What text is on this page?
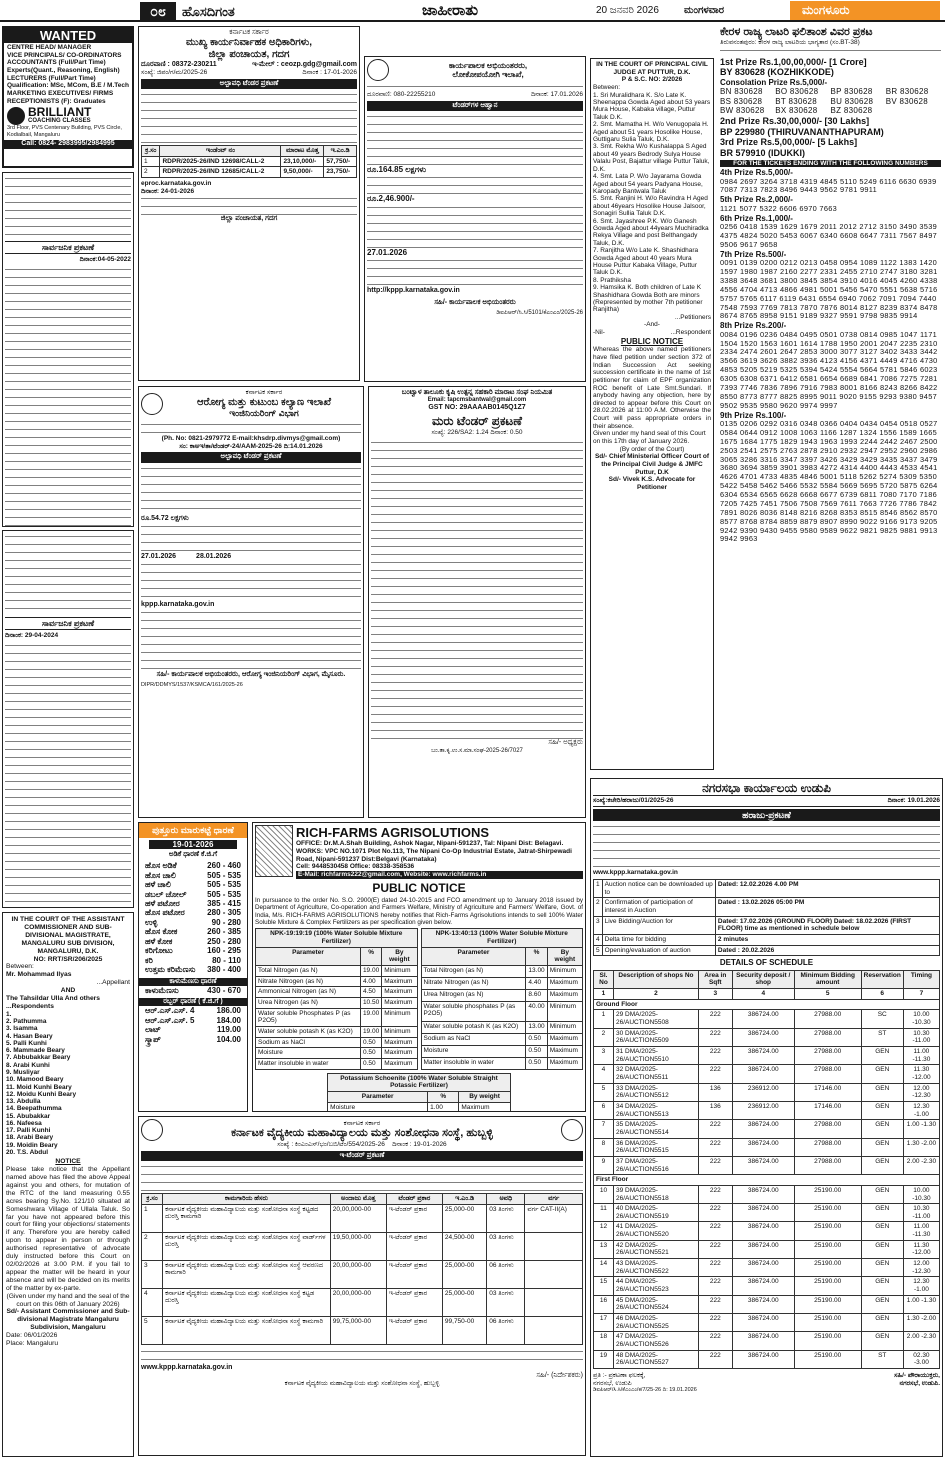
೦೮	ಹೊಸದಿಗಂತ	ಜಾಹೀರಾತು	20 ಜನವರಿ 2026	ಮಂಗಳವಾರ	ಮಂಗಳೂರು
WANTED
CENTRE HEAD/ MANAGER
VICE PRINCIPALS/ CO-ORDINATORS
ACCOUNTANTS (Full/Part Time) Experts(Quant., Reasoning, English)
LECTURERS (Full/Part Time) Qualification: MSc, MCom, B.E / M.Tech
MARKETING EXECUTIVES/ FIRMS
RECEPTIONISTS (F): Graduates
BRILLIANT
COACHING CLASSES
3rd Floor, PVS Centenary Building, PVS Circle, Kodialbail, Mangaluru
Call: 0824- 2983995/2984995
ಸಾರ್ವಜನಿಕ ಪ್ರಕಟಣೆ
ದಿನಾಂಕ:04-05-2022
ಸಾರ್ವಜನಿಕ ಪ್ರಕಟಣೆ
ದಿನಾಂಕ: 29-04-2024
IN THE COURT OF THE ASSISTANT COMMISSIONER AND SUB-DIVISIONAL MAGISTRATE, MANGALURU SUB DIVISION, MANGALURU, D.K.
NO: RRT/SR/206/2025
Between:
Mr. Mohammad Ilyas
...Appellant
AND
The Tahsildar Ulla And others ...Respondents
1.
2. Pathumma
3. Isamma
4. Hasan Beary
5. Palli Kunhi
6. Mammade Beary
7. Abbubakkar Beary
8. Arabi Kunhi
9. Musliyar
10. Mamood Beary
11. Moid Kunhi Beary
12. Moidu Kunhi Beary
13. Abdulla
14. Beepathumma
15. Abubakkar
16. Nafeesa
17. Palli Kunhi
18. Arabi Beary
19. Moidin Beary
20. T.S. Abdul
NOTICE
Please take notice that the Appellant named above has filed the above Appeal against you and others, for mutation of the RTC of the land measuring 0.55 acres bearing Sy.No. 121/10 situated at Someshwara Village of Ullala Taluk. So far you have not appeared before this court for filing your objections/ statements if any. Therefore you are hereby called upon to appear in person or through authorised representative of advocate duly instructed before this Court on 02/02/2026 at 3.00 P.M. if you fail to appear the matter will be heard in your absence and will be decided on its merits of the matter by ex-parte.
(Given under my hand and the seal of the court on this 06th of January 2026)
Sd/- Assistant Commissioner and Sub-divisional Magistrate Mangaluru Subdivision, Mangaluru
Date: 06/01/2026
Place: Mangaluru
ಕರ್ನಾಟಕ ಸರ್ಕಾರ
ಮುಖ್ಯ ಕಾರ್ಯನಿರ್ವಾಹಕ ಅಧಿಕಾರಿಗಳು,
ಜಿಲ್ಲಾ ಪಂಚಾಯತ, ಗದಗ
ದೂರವಾಣಿ : 08372-230211	ಇ-ಮೇಲ್ : ceozp.gdg@gmail.com
ಸಂಖ್ಯೆ: ಜಿಪಂ/ಗ/ಮ/2025-26	ದಿನಾಂಕ : 17-01-2026
ಅಲ್ಪಾವಧಿ ಟೆಂಡರ ಪ್ರಕಟಣೆ
ಕ್ರ.ಸಂ	ಇಂಡೆಂಟ್ ನಂ	ಮಾರಾಟ ಮೊತ್ತ	ಇ.ಎಂ.ಡಿ
1	RDPR/2025-26/IND 12698/CALL-2	23,10,000/-	57,750/-
2	RDPR/2025-26/IND 12685/CALL-2	9,50,000/-	23,750/-
eproc.karnataka.gov.in
ದಿನಾಂಕ: 24-01-2026
ಜಿಲ್ಲಾ ಪಂಚಾಯತ, ಗದಗ
ಕಾರ್ಯಪಾಲಕ ಅಭಿಯಂತರರು,
ಲೋಕೋಪಯೋಗಿ ಇಲಾಖೆ,
ದೂರವಾಣಿ: 080-22255210	ದಿನಾಂಕ: 17.01.2026
ಟೆಂಡರ್‌ಗಳ ಆಹ್ವಾನ
ರೂ.164.85 ಲಕ್ಷಗಳು
ರೂ.2,46.900/-
27.01.2026
http://kppp.karnataka.gov.in
ಸಹಿ/- ಕಾರ್ಯಪಾಲಕ ಅಭಿಯಂತರರು
ಡಿಐಪಿಆರ್/ಸಿ.ಸಿ/5101/ಕೆಎಂಎಂ/2025-26
ಕರ್ನಾಟಕ ಸರ್ಕಾರ
ಆರೋಗ್ಯ ಮತ್ತು ಕುಟುಂಬ ಕಲ್ಯಾಣ ಇಲಾಖೆ
ಇಂಜಿನಿಯರಿಂಗ್ ವಿಭಾಗ
(Ph. No: 0821-2979772 E-mail:khsdrp.divmys@gmail.com)
ಸಂ: ಕಾಅಇ/ತಾ/ಟೆಂಡರ್-24/AAM-2025-26 ದಿ:14.01.2026
ಅಲ್ಪಾವಧಿ ಟೆಂಡರ್ ಪ್ರಕಟಣೆ
ರೂ.54.72 ಲಕ್ಷಗಳು
27.01.2026	28.01.2026
kppp.karnataka.gov.in
ಸಹಿ/- ಕಾರ್ಯಪಾಲಕ ಅಭಿಯಂತರರು, ಆರೋಗ್ಯ ಇಂಜಿನಿಯರಿಂಗ್ ವಿಭಾಗ, ಮೈಸೂರು.
DIPR/DDMYS/1537/KSMCA/161/2025-26
ಬಂಟ್ವಾಳ ತಾಲೂಕು ಕೃಷಿ ಉತ್ಪನ್ನ ಸಹಕಾರಿ ಮಾರಾಟ ಸಂಘ ನಿಯಮಿತ
Email: tapcmsbantwal@gmail.com
GST NO: 29AAAAB0145Q1Z7
ಮರು ಟೆಂಡರ್ ಪ್ರಕಟಣೆ
ಸಂಖ್ಯೆ: 226/SA2: 1.24 ದಿನಾಂಕ: 0.50
ಸಹಿ/- ಅಧ್ಯಕ್ಷರು
ಬಂ.ತಾ.ಕೃ.ಉ.ಸ.ಮಾ.ಸಂಘ-2025-26/7027
ಪುತ್ತೂರು ಮಾರುಕಟ್ಟೆ ಧಾರಣೆ
19-01-2026
ಅಡಿಕೆ ಧಾರಣೆ ಕೆ.ಜಿ.ಗೆ
ಹೊಸ ಅಡಿಕೆ	260 - 460
ಹೊಸ ಚಾಲಿ	505 - 535
ಹಳೆ ಚಾಲಿ	505 - 535
ಡಬಲ್ ಚೋಲ್	505 - 535
ಹಳೆ ಪಟೋರ	385 - 415
ಹೊಸ ಪಟೋರ	280 - 305
ಉಳ್ಳಿ	90 - 280
ಹೊಸ ಕೋಕ	260 - 385
ಹಳೆ ಕೋಕ	250 - 280
ಕರಿಗೋಟು	160 - 295
ಕರಿ	80 - 110
ಉತ್ತಮ ಕರಿಮೆಣಸು 380 - 400
ಕಾಳುಮೆಣಸು ಧಾರಣೆ
ಕಾಳುಮೆಣಸು	430 - 670
ರಬ್ಬರ್ ಧಾರಣೆ ( ಕೆ.ಜಿ.ಗೆ )
ಆರ್.ಎಸ್.ಎಸ್. 4	186.00
ಆರ್.ಎಸ್.ಎಸ್. 5	184.00
ಲಾಟ್	119.00
ಸ್ಕ್ರಾಪ್	104.00
RICH-FARMS AGRISOLUTIONS
OFFICE: Dr.M.A.Shah Building, Ashok Nagar, Nipani-591237, Tal: Nipani Dist: Belagavi.
WORKS: VPC NO.1071 Plot No.113, The Nipani Co-Op Industrial Estate, Jatrat-Shirpewadi Road, Nipani-591237 Dist:Belgavi (Karnataka)
Cell: 9448530458 Office: 08338-358536
E-Mail: richfarms222@gmail.com, Website: www.richfarms.in
PUBLIC NOTICE
In pursuance to the order No. S.O. 2900(E) dated 24-10-2015 and FCO amendment up to January 2018 issued by Department of Agriculture, Co-operation and Farmers Welfare, Ministry of Agriculture and Farmers' Welfare, Govt. of India, M/s. RICH-FARMS AGRISOLUTIONS hereby notifies that Rich-Farms Agrisolutions intends to sell 100% Water Soluble Mixture & Complex Fertilizers as per specification given below.
NPK-19:19:19 (100% Water Soluble Mixture Fertilizer)		
Parameter	%	By weight
Total Nitrogen (as N)	19.00	Minimum
Nitrate Nitrogen (as N)	4.00	Maximum
Ammonical Nitrogen (as N)	4.50	Maximum
Urea Nitrogen (as N)	10.50	Maximum
Water soluble Phosphates P (as P2O5)	19.00	Minimum
Water soluble potash K (as K2O)	19.00	Minimum
Sodium as NaCl	0.50	Maximum
Moisture	0.50	Maximum
Matter insoluble in water	0.50	Maximum
NPK-13:40:13 (100% Water Soluble Mixture Fertilizer)		
Parameter	%	By weight
Total Nitrogen (as N)	13.00	Minimum
Nitrate Nitrogen (as N)	4.40	Maximum
Urea Nitrogen (as N)	8.60	Maximum
Water soluble phosphates P (as P2O5)	40.00	Minimum
Water soluble potash K (as K2O)	13.00	Minimum
Sodium as NaCl	0.50	Maximum
Moisture	0.50	Maximum
Matter insoluble in water	0.50	Maximum
Potassium Schoenite (100% Water Soluble Straight Potassic Fertilizer)		
Parameter	%	By weight
Moisture	1.00	Maximum

ಕರ್ನಾಟಕ ಸರ್ಕಾರ
ಕರ್ನಾಟಕ ವೈದ್ಯಕೀಯ ಮಹಾವಿದ್ಯಾಲಯ ಮತ್ತು ಸಂಶೋಧನಾ ಸಂಸ್ಥೆ, ಹುಬ್ಬಳ್ಳಿ
ಸಂಖ್ಯೆ : ಕಿಂಎಂಎಸ್/ಭಂ/ಬಬಿ/ಟೆಂ/554/2025-26 ದಿನಾಂಕ : 19-01-2026
ಇ-ಟೆಂಡರ್ ಪ್ರಕಟಣೆ
ಕ್ರ.ಸಂ	ಕಾಮಗಾರಿಯ ಹೆಸರು	ಅಂದಾಜು ಮೊತ್ತ	ಟೆಂಡರ್ ಪ್ರಕಾರ	ಇ.ಎಂ.ಡಿ	ಅವಧಿ	ವರ್ಗ
1	ಕರ್ನಾಟಕ ವೈದ್ಯಕೀಯ ಮಹಾವಿದ್ಯಾಲಯ ಮತ್ತು ಸಂಶೋಧನಾ ಸಂಸ್ಥೆ ಕಟ್ಟಡದ ದುರಸ್ತಿ ಕಾಮಗಾರಿ	20,00,000-00	ಇ-ಟೆಂಡರ್ ಪ್ರಕಾರ	25,000-00	03 ತಿಂಗಳು	ವರ್ಗ CAT-II(A)
2	ಕರ್ನಾಟಕ ವೈದ್ಯಕೀಯ ಮಹಾವಿದ್ಯಾಲಯ ಮತ್ತು ಸಂಶೋಧನಾ ಸಂಸ್ಥೆ ವಾರ್ಡ್‌ಗಳ ದುರಸ್ತಿ	19,50,000-00	ಇ-ಟೆಂಡರ್ ಪ್ರಕಾರ	24,500-00	03 ತಿಂಗಳು	
3	ಕರ್ನಾಟಕ ವೈದ್ಯಕೀಯ ಮಹಾವಿದ್ಯಾಲಯ ಮತ್ತು ಸಂಶೋಧನಾ ಸಂಸ್ಥೆ ಆವರಣದ ಕಾಮಗಾರಿ	20,00,000-00	ಇ-ಟೆಂಡರ್ ಪ್ರಕಾರ	25,000-00	06 ತಿಂಗಳು	
4	ಕರ್ನಾಟಕ ವೈದ್ಯಕೀಯ ಮಹಾವಿದ್ಯಾಲಯ ಮತ್ತು ಸಂಶೋಧನಾ ಸಂಸ್ಥೆ ಕಟ್ಟಡ ದುರಸ್ತಿ	20,00,000-00	ಇ-ಟೆಂಡರ್ ಪ್ರಕಾರ	25,000-00	03 ತಿಂಗಳು	
5	ಕರ್ನಾಟಕ ವೈದ್ಯಕೀಯ ಮಹಾವಿದ್ಯಾಲಯ ಮತ್ತು ಸಂಶೋಧನಾ ಸಂಸ್ಥೆ ಕಾಮಗಾರಿ	99,75,000-00	ಇ-ಟೆಂಡರ್ ಪ್ರಕಾರ	99,750-00	06 ತಿಂಗಳು	
www.kppp.karnataka.gov.in
ಸಹಿ/- (ನಿರ್ದೇಶಕರು)
ಕರ್ನಾಟಕ ವೈದ್ಯಕೀಯ ಮಹಾವಿದ್ಯಾಲಯ ಮತ್ತು ಸಂಶೋಧನಾ ಸಂಸ್ಥೆ, ಹುಬ್ಬಳ್ಳಿ
IN THE COURT OF PRINCIPAL CIVIL JUDGE AT PUTTUR, D.K.
P & S.C. NO: 2/2026
Between:
1. Sri Muralidhara K. S/o Late K. Sheenappa Gowda Aged about 53 years Mura House, Kabaka village, Puttur Taluk D.K.
2. Smt. Mamatha H. W/o Venugopala H. Aged about 51 years Hosolike House, Guttigaru Sulia Taluk, D.K.
3. Smt. Rekha W/o Kushalappa S Aged about 49 years Bedrody Sulya House Valalu Post, Bajattur village Puttur Taluk, D.K.
4. Smt. Lata P. W/o Jayarama Gowda Aged about 54 years Padyana House, Karopady Bantwala Taluk
5. Smt. Ranjini H. W/o Ravindra H Aged about 46years Hosolike House Jalsoor, Sonagiri Sullia Taluk D.K.
6. Smt. Jayashree P.K. W/o Ganesh Gowda Aged about 44years Muchiradka Rekya Village and post Belthangady Taluk, D.K.
7. Ranjitha W/o Late K. Shashidhara Gowda Aged about 40 years Mura House Puttur Kabaka Village, Puttur Taluk D.K.
8. Prathiksha
9. Hamsika K. Both children of Late K Shashidhara Gowda Both are minors (Represented by mother 7th petitioner Ranjitha)
...Petitioners
-And-
-Nil-	...Respondent
PUBLIC NOTICE
Whereas the above named petitioners have filed petition under section 372 of Indian Succession Act seeking succession certificate in the name of 1st petitioner for claim of EPF organization ROC benefit of Late Smt.Sundari. If anybody having any objection, here by directed to appear before this Court on 28.02.2026 at 11:00 A.M. Otherwise the Court will pass appropriate orders in their absence.
Given under my hand seal of this Court on this 17th day of January 2026.
(By order of the Court)
Sd/- Chief Ministerial Officer Court of the Principal Civil Judge & JMFC Puttur, D.K
Sd/- Vivek K.S. Advocate for Petitioner
ಕೇರಳ ರಾಜ್ಯ ಲಾಟರಿ ಫಲಿತಾಂಶ ವಿವರ ಪ್ರಕಟ
ತಿರುವನಂತಪುರಂ: ಕೇರಳ ರಾಜ್ಯ ಲಾಟರಿಯ ಭಾಗ್ಯತಾರ (ಸಂ.BT-38)
1st Prize Rs.1,00,00,000/- [1 Crore]
BY 830628 (KOZHIKKODE)
Consolation Prize Rs.5,000/-
BN 830628	BO 830628	BP 830628	BR 830628
BS 830628	BT 830628	BU 830628	BV 830628
BW 830628	BX 830628	BZ 830628
2nd Prize Rs.30,00,000/- [30 Lakhs]
BP 229980 (THIRUVANANTHAPURAM)
3rd Prize Rs.5,00,000/- [5 Lakhs]
BR 579910 (IDUKKI)
FOR THE TICKETS ENDING WITH THE FOLLOWING NUMBERS
4th Prize Rs.5,000/-
0984 2697 3264 3718 4319 4845 5110 5249 6116 6630 6939 7087 7313 7823 8496 9443 9562 9781 9911
5th Prize Rs.2,000/-
1121 5077 5322 6606 6970 7663
6th Prize Rs.1,000/-
0256 0418 1539 1629 1679 2011 2012 2712 3150 3490 3539 4375 4824 5020 5453 6067 6340 6608 6647 7311 7567 8497 9506 9617 9658
7th Prize Rs.500/-
0091 0139 0200 0212 0213 0458 0954 1089 1122 1383 1420 1597 1980 1987 2160 2277 2331 2455 2710 2747 3180 3281 3388 3648 3681 3800 3845 3854 3910 4016 4045 4260 4338 4556 4704 4713 4866 4981 5001 5456 5470 5551 5638 5716 5757 5765 6117 6119 6431 6554 6940 7062 7091 7094 7440 7548 7593 7769 7813 7870 7876 8014 8127 8239 8374 8478 8674 8765 8958 9151 9189 9327 9591 9798 9835 9914
8th Prize Rs.200/-
0084 0196 0236 0484 0495 0501 0738 0814 0985 1047 1171 1504 1520 1563 1601 1614 1788 1950 2001 2047 2235 2310 2334 2474 2601 2647 2853 3000 3077 3127 3402 3433 3442 3566 3619 3626 3882 3936 4123 4156 4371 4449 4716 4730 4853 5205 5219 5325 5394 5424 5554 5664 5781 5846 6023 6305 6308 6371 6412 6581 6654 6689 6841 7086 7275 7281 7393 7746 7836 7896 7916 7983 8001 8166 8243 8266 8422 8550 8773 8777 8825 8995 9011 9020 9155 9293 9380 9457 9502 9535 9580 9620 9974 9997
9th Prize Rs.100/-
0135 0206 0292 0316 0348 0366 0404 0434 0454 0518 0527 0584 0644 0912 1008 1063 1166 1287 1324 1556 1589 1665 1675 1684 1775 1829 1943 1963 1993 2244 2442 2467 2500 2503 2541 2575 2763 2878 2910 2932 2947 2952 2960 2986 3065 3286 3316 3347 3397 3426 3429 3429 3435 3437 3479 3680 3694 3859 3901 3983 4272 4314 4400 4443 4533 4541 4626 4701 4733 4835 4846 5001 5118 5262 5274 5309 5350 5422 5458 5462 5466 5532 5584 5669 5695 5720 5875 6264 6304 6534 6565 6628 6668 6677 6739 6811 7080 7170 7186 7205 7425 7451 7506 7508 7569 7611 7663 7726 7786 7842 7891 8026 8036 8148 8216 8268 8353 8515 8546 8562 8570 8577 8768 8784 8859 8879 8907 8990 9022 9166 9173 9205 9242 9390 9430 9455 9580 9589 9622 9821 9825 9881 9913 9942 9963
ನಗರಸಭಾ ಕಾರ್ಯಾಲಯ ಉಡುಪಿ
ಸಂಖ್ಯೆ:ಕಚೇರಿ/ಹರಾಜು/01/2025-26	ದಿನಾಂಕ: 19.01.2026
ಹರಾಜು-ಪ್ರಕಟಣೆ
www.kppp.karnataka.gov.in
1	Auction notice can be downloaded up to	Dated: 12.02.2026 4.00 PM
2	Confirmation of participation of interest in Auction	Dated : 13.02.2026 05:00 PM
3	Live Bidding/Auction for	Dated: 17.02.2026 (GROUND FLOOR) Dated: 18.02.2026 (FIRST FLOOR) time as mentioned in schedule below
4	Delta time for bidding	2 minutes
5	Opening/evaluation of auction	Dated : 20.02.2026
DETAILS OF SCHEDULE
Sl. No	Description of shops No	Area in Sqft	Security deposit / shop	Minimum Bidding amount	Reservation	Timing
1	2	3	4	5	6	7
Ground Floor						
1	29 DMA/2025-26/AUCTION5508	222	386724.00	27988.00	SC	10.00 -10.30
2	30 DMA/2025-26/AUCTION5509	222	386724.00	27988.00	ST	10.30 -11.00
3	31 DMA/2025-26/AUCTION5510	222	386724.00	27988.00	GEN	11.00 -11.30
4	32 DMA/2025-26/AUCTION5511	222	386724.00	27988.00	GEN	11.30 -12.00
5	33 DMA/2025-26/AUCTION5512	136	236912.00	17146.00	GEN	12.00 -12.30
6	34 DMA/2025-26/AUCTION5513	136	236912.00	17146.00	GEN	12.30 -1.00
7	35 DMA/2025-26/AUCTION5514	222	386724.00	27988.00	GEN	1.00 -1.30
8	36 DMA/2025-26/AUCTION5515	222	386724.00	27988.00	GEN	1.30 -2.00
9	37 DMA/2025-26/AUCTION5516	222	386724.00	27988.00	GEN	2.00 -2.30
First Floor						
10	39 DMA/2025-26/AUCTION5518	222	386724.00	25190.00	GEN	10.00 -10.30
11	40 DMA/2025-26/AUCTION5519	222	386724.00	25190.00	GEN	10.30 -11.00
12	41 DMA/2025-26/AUCTION5520	222	386724.00	25190.00	GEN	11.00 -11.30
13	42 DMA/2025-26/AUCTION5521	222	386724.00	25190.00	GEN	11.30 -12.00
14	43 DMA/2025-26/AUCTION5522	222	386724.00	25190.00	GEN	12.00 -12.30
15	44 DMA/2025-26/AUCTION5523	222	386724.00	25190.00	GEN	12.30 -1.00
16	45 DMA/2025-26/AUCTION5524	222	386724.00	25190.00	GEN	1.00 -1.30
17	46 DMA/2025-26/AUCTION5525	222	386724.00	25190.00	GEN	1.30 -2.00
18	47 DMA/2025-26/AUCTION5526	222	386724.00	25190.00	GEN	2.00 -2.30
19	48 DMA/2025-26/AUCTION5527	222	386724.00	25190.00	ST	02.30 -3.00
ಪ್ರತಿ :- ಪ್ರಕಟಣಾ ಫಲಕಕ್ಕೆ,
ನಗರಸಭೆ, ಉಡುಪಿ
ಸಹಿ/- ಪೌರಾಯುಕ್ತರು,
ನಗರಸಭೆ, ಉಡುಪಿ.
ಡಿಐಪಿಆರ್/ಸಿ.ಸಿ/ಕೆಎಂಎಂ/ಕ/7/25-26 ದಿ: 19.01.2026
